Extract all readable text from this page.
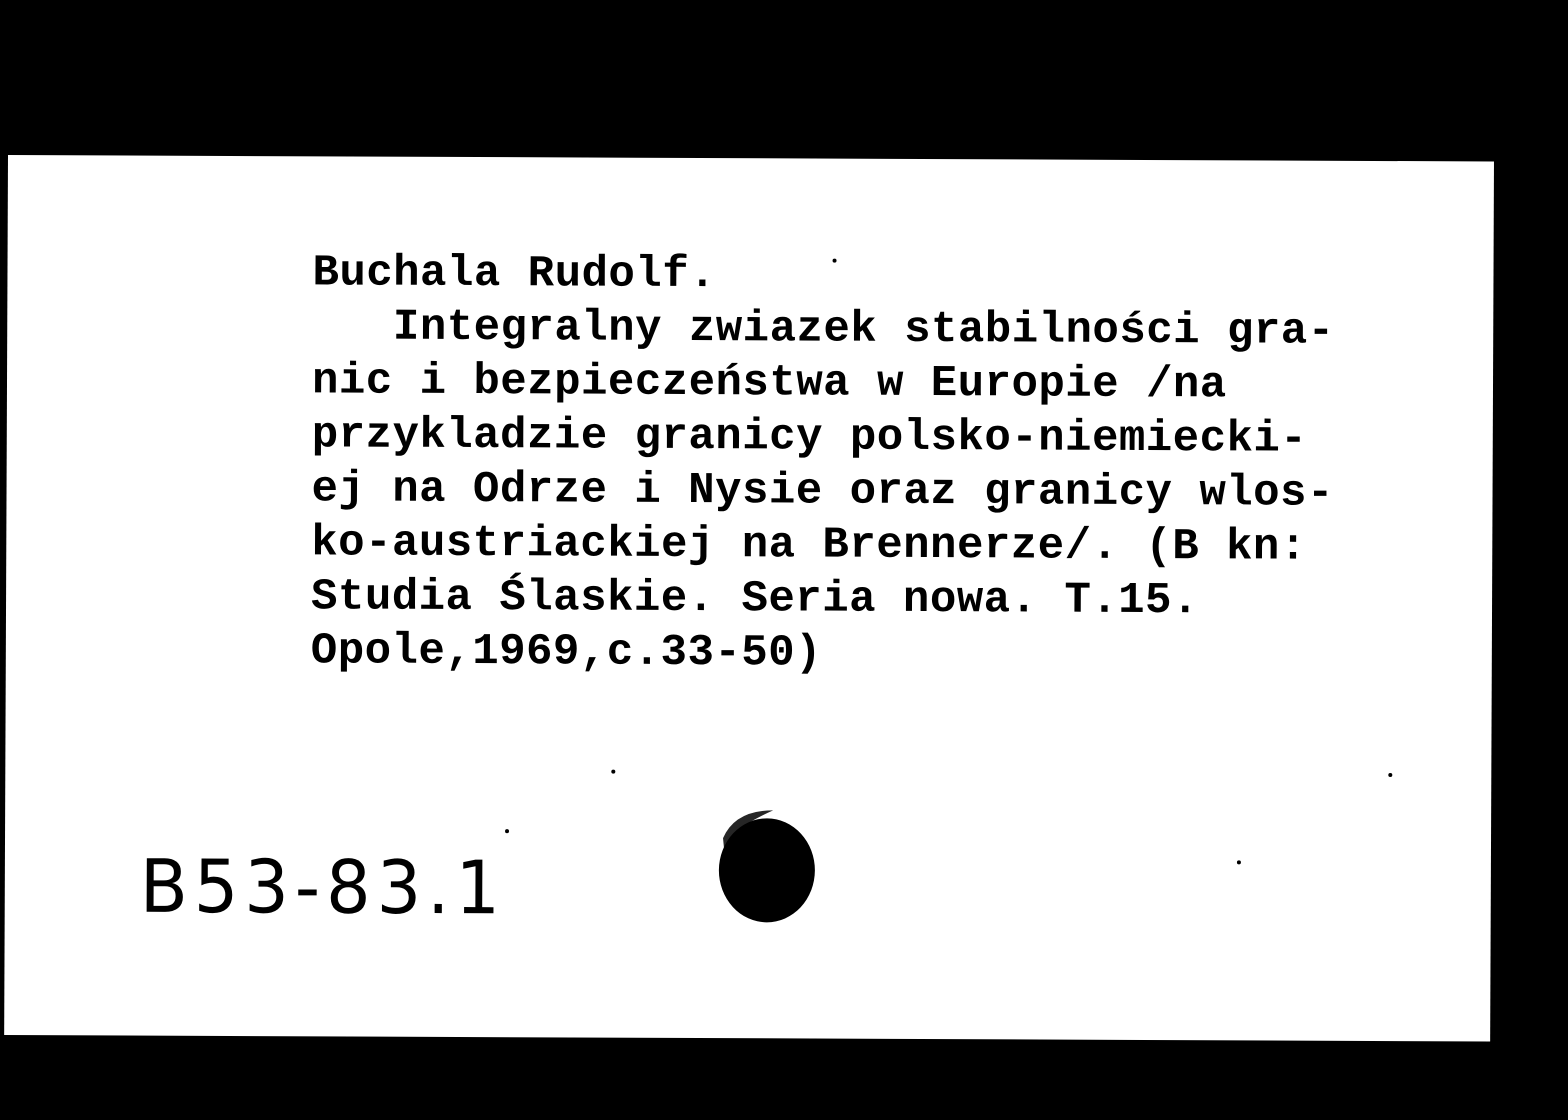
Buchala Rudolf.
Integralny zwiazek stabilności gra-
nic i bezpieczeństwa w Europie /na
przykladzie granicy polsko-niemiecki-
ej na Odrze i Nysie oraz granicy wlos-
ko-austriackiej na Brennerze/. (B kn:
Studia Ślaskie. Seria nowa. T.15.
Opole,1969,c.33-50)
B53-83.1
